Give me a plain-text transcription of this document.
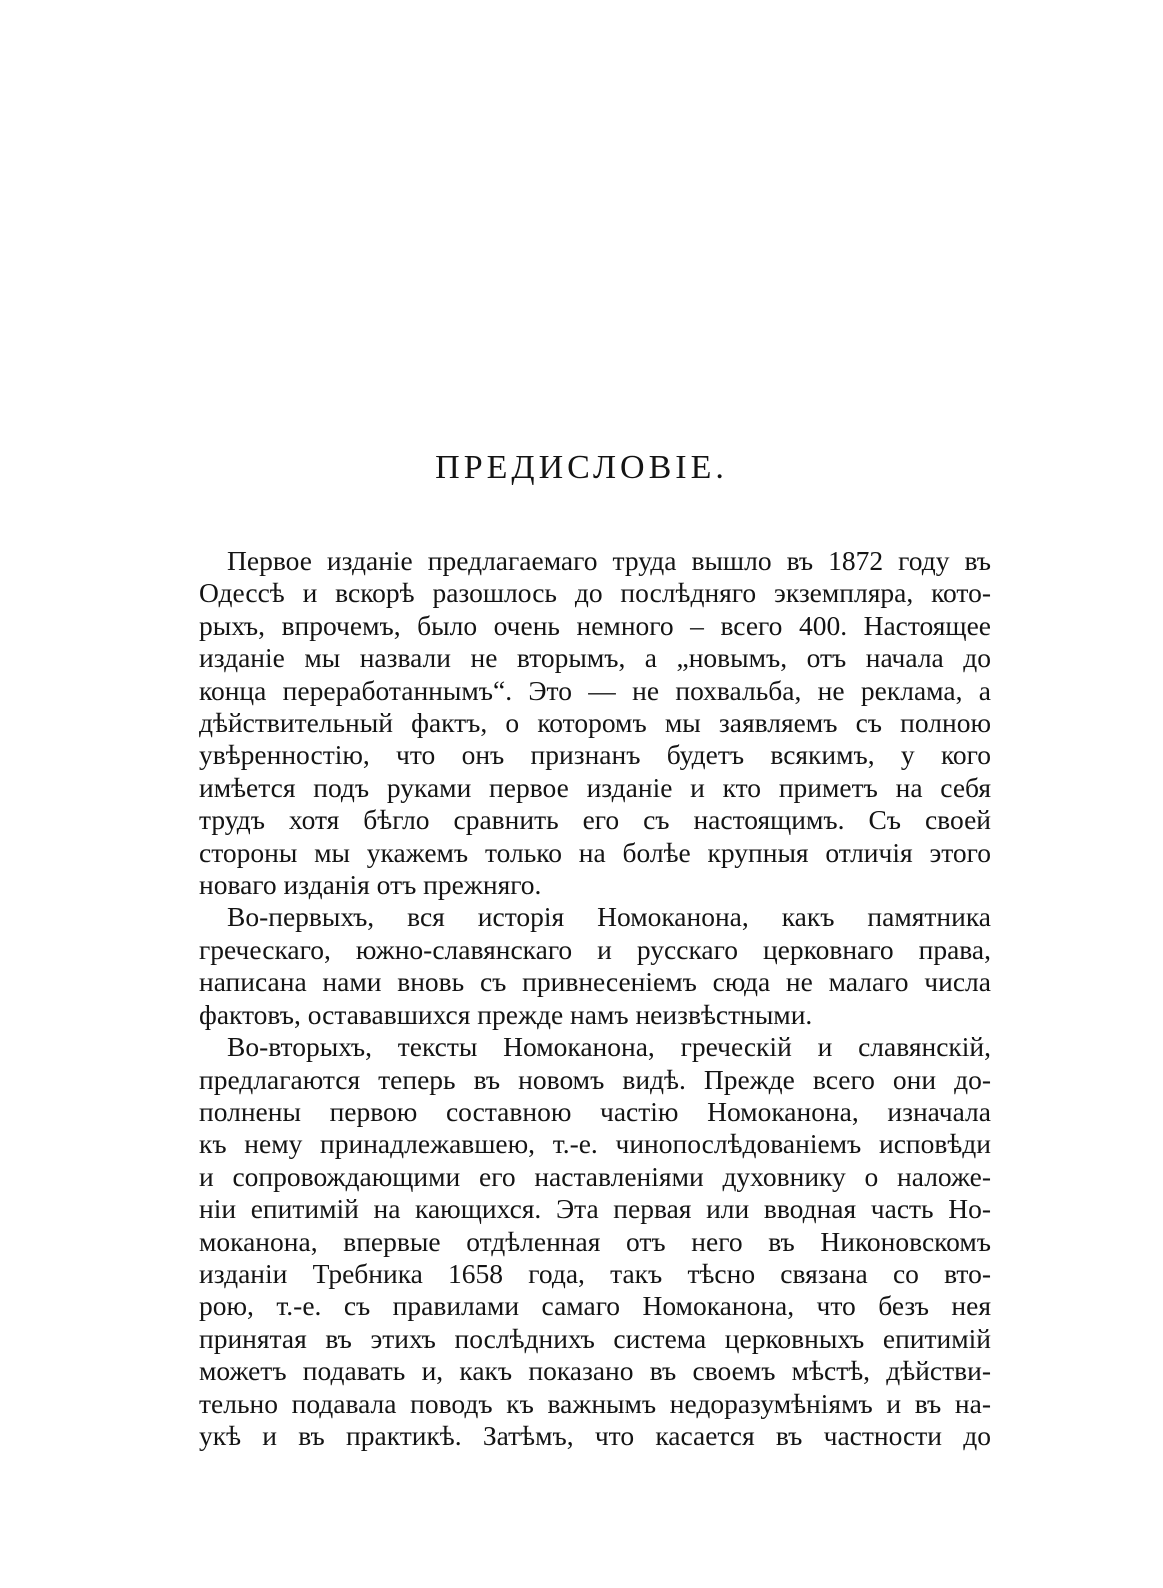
ПРЕДИСЛОВIЕ.

Первое изданіе предлагаемаго труда вышло въ 1872 году въ
Одессѣ и вскорѣ разошлось до послѣдняго экземпляра, кото-
рыхъ, впрочемъ, было очень немного – всего 400. Настоящее
изданіе мы назвали не вторымъ, а „новымъ, отъ начала до
конца переработаннымъ“. Это — не похвальба, не реклама, а
дѣйствительный фактъ, о которомъ мы заявляемъ съ полною
увѣренностію, что онъ признанъ будетъ всякимъ, у кого
имѣется подъ руками первое изданіе и кто приметъ на себя
трудъ хотя бѣгло сравнить его съ настоящимъ. Съ своей
стороны мы укажемъ только на болѣе крупныя отличія этого
новаго изданія отъ прежняго.

Во-первыхъ, вся исторія Номоканона, какъ памятника
греческаго, южно-славянскаго и русскаго церковнаго права,
написана нами вновь съ привнесеніемъ сюда не малаго числа
фактовъ, остававшихся прежде намъ неизвѣстными.

Во-вторыхъ, тексты Номоканона, греческій и славянскій,
предлагаются теперь въ новомъ видѣ. Прежде всего они до-
полнены первою составною частію Номоканона, изначала
къ нему принадлежавшею, т.-е. чинопослѣдованіемъ исповѣди
и сопровождающими его наставленіями духовнику о наложе-
ніи епитимій на кающихся. Эта первая или вводная часть Но-
моканона, впервые отдѣленная отъ него въ Никоновскомъ
изданіи Требника 1658 года, такъ тѣсно связана со вто-
рою, т.-е. съ правилами самаго Номоканона, что безъ нея
принятая въ этихъ послѣднихъ система церковныхъ епитимій
можетъ подавать и, какъ показано въ своемъ мѣстѣ, дѣйстви-
тельно подавала поводъ къ важнымъ недоразумѣніямъ и въ на-
укѣ и въ практикѣ. Затѣмъ, что касается въ частности до
